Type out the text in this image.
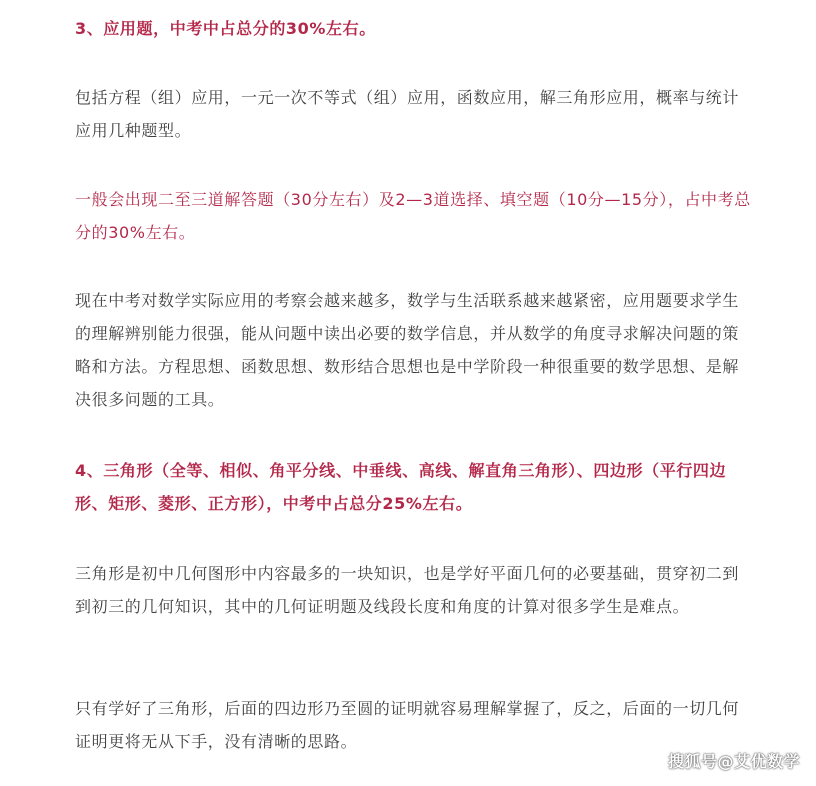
3、应用题，中考中占总分的30%左右。

包括方程（组）应用，一元一次不等式（组）应用，函数应用，解三角形应用，概率与统计应用几种题型。

一般会出现二至三道解答题（30分左右）及2—3道选择、填空题（10分—15分），占中考总分的30%左右。

现在中考对数学实际应用的考察会越来越多，数学与生活联系越来越紧密，应用题要求学生的理解辨别能力很强，能从问题中读出必要的数学信息，并从数学的角度寻求解决问题的策略和方法。方程思想、函数思想、数形结合思想也是中学阶段一种很重要的数学思想、是解决很多问题的工具。

4、三角形（全等、相似、角平分线、中垂线、高线、解直角三角形）、四边形（平行四边形、矩形、菱形、正方形），中考中占总分25%左右。

三角形是初中几何图形中内容最多的一块知识，也是学好平面几何的必要基础，贯穿初二到到初三的几何知识，其中的几何证明题及线段长度和角度的计算对很多学生是难点。

只有学好了三角形，后面的四边形乃至圆的证明就容易理解掌握了，反之，后面的一切几何证明更将无从下手，没有清晰的思路。

搜狐号@艾优数学
